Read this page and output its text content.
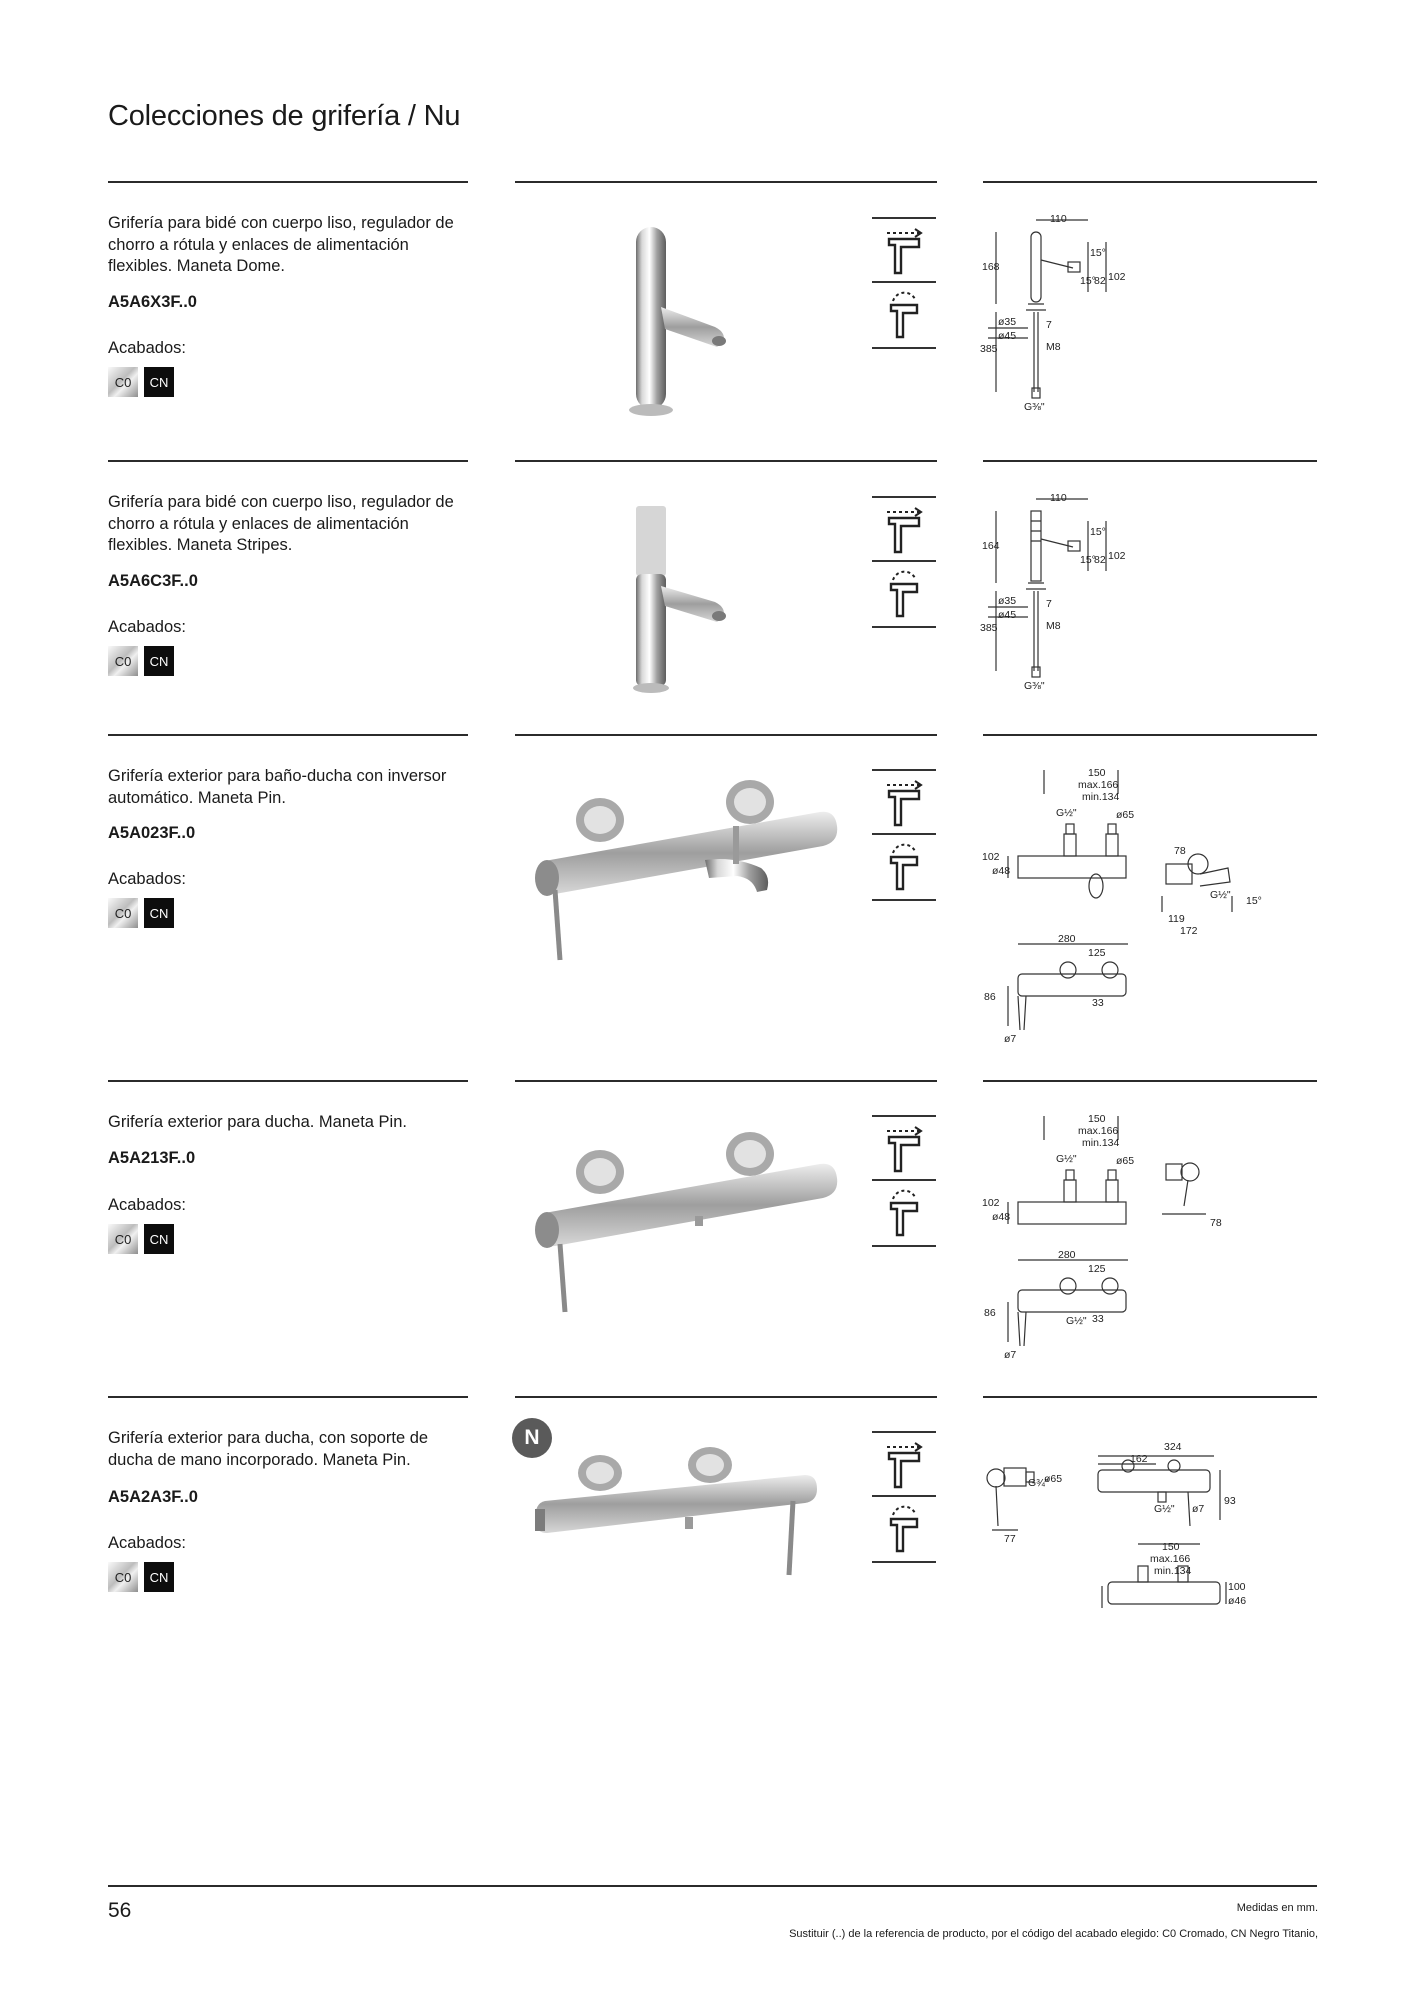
Colecciones de grifería / Nu
Grifería para bidé con cuerpo liso, regulador de chorro a rótula y enlaces de alimentación flexibles. Maneta Dome.
A5A6X3F..0
Acabados:
C0	CN
110
168
15°
15°
82 102
ø35	7
ø45
M8
385
G⅜"
Grifería para bidé con cuerpo liso, regulador de chorro a rótula y enlaces de alimentación flexibles. Maneta Stripes.
A5A6C3F..0
Acabados:
C0	CN
110
164
15°
15°
82 102
ø35	7
ø45
M8
385
G⅜"
Grifería exterior para baño-ducha con inversor automático. Maneta Pin.
A5A023F..0
Acabados:
C0	CN
150
max.166
min.134
G½"	ø65
102
ø48
78
G½" 15°
119
172
280
125
86	33
ø7
Grifería exterior para ducha. Maneta Pin.
A5A213F..0
Acabados:
C0	CN
150
max.166
min.134
G½"	ø65
102
ø48	78
280
125
86	33
G½"
ø7
Grifería exterior para ducha, con soporte de ducha de mano incorporado. Maneta Pin.
A5A2A3F..0
Acabados:
C0	CN
N	324
162
G¾"
ø65
G½" ø7
93
77
150
max.166
min.134
100
ø46
56	Medidas en mm.
Sustituir (..) de la referencia de producto, por el código del acabado elegido: C0 Cromado, CN Negro Titanio,
